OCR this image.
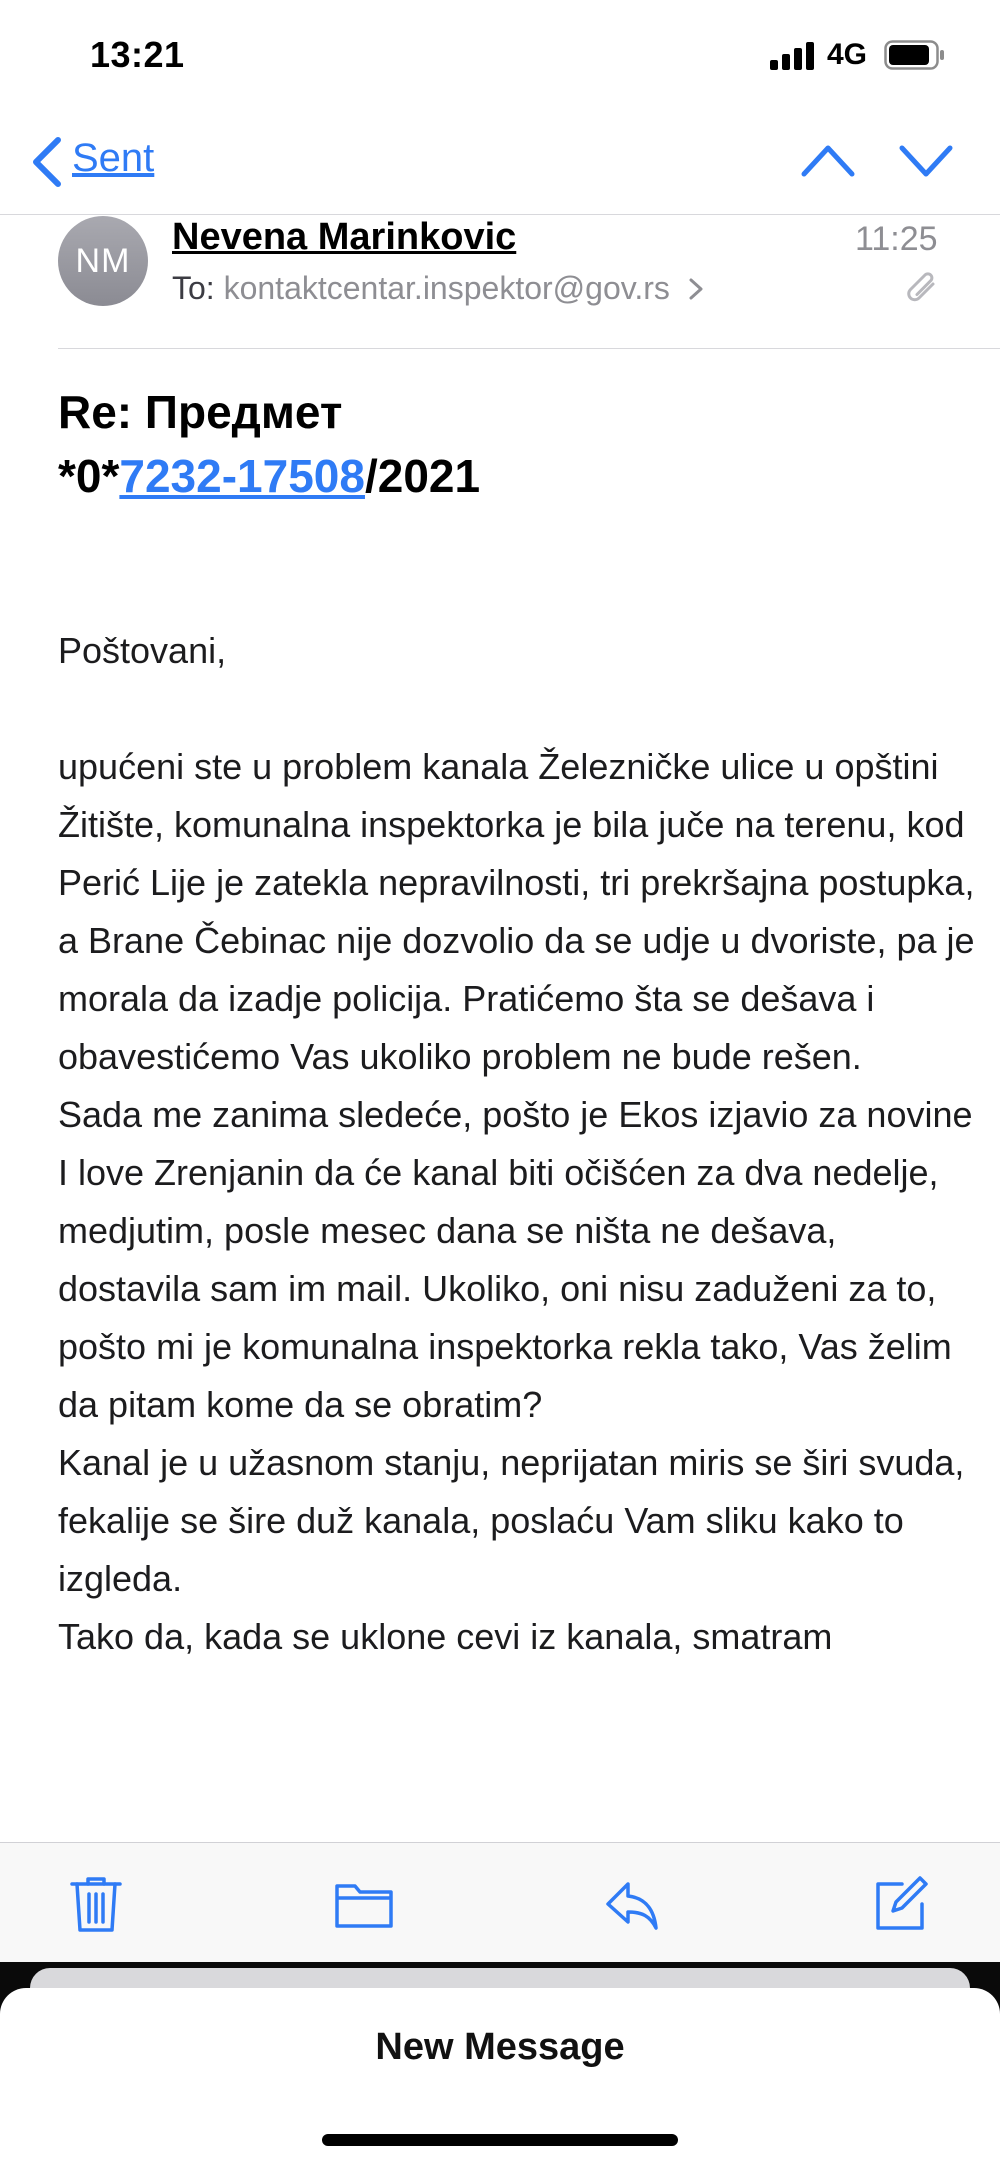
13:21	4G
Sent
NM
Nevena Marinkovic	11:25
To: kontaktcentar.inspektor@gov.rs
Re: Предмет
*0*7232-17508/2021

Poštovani,

upućeni ste u problem kanala Železničke ulice u opštini Žitište, komunalna inspektorka je bila juče na terenu, kod Perić Lije je zatekla nepravilnosti, tri prekršajna postupka, a Brane Čebinac nije dozvolio da se udje u dvoriste, pa je morala da izadje policija. Pratićemo šta se dešava i obavestićemo Vas ukoliko problem ne bude rešen.

Sada me zanima sledeće, pošto je Ekos izjavio za novine I love Zrenjanin da će kanal biti očišćen za dva nedelje, medjutim, posle mesec dana se ništa ne dešava, dostavila sam im mail. Ukoliko, oni nisu zaduženi za to, pošto mi je komunalna inspektorka rekla tako, Vas želim da pitam kome da se obratim?

Kanal je u užasnom stanju, neprijatan miris se širi svuda, fekalije se šire duž kanala, poslaću Vam sliku kako to izgleda.

Tako da, kada se uklone cevi iz kanala, smatram

New Message
